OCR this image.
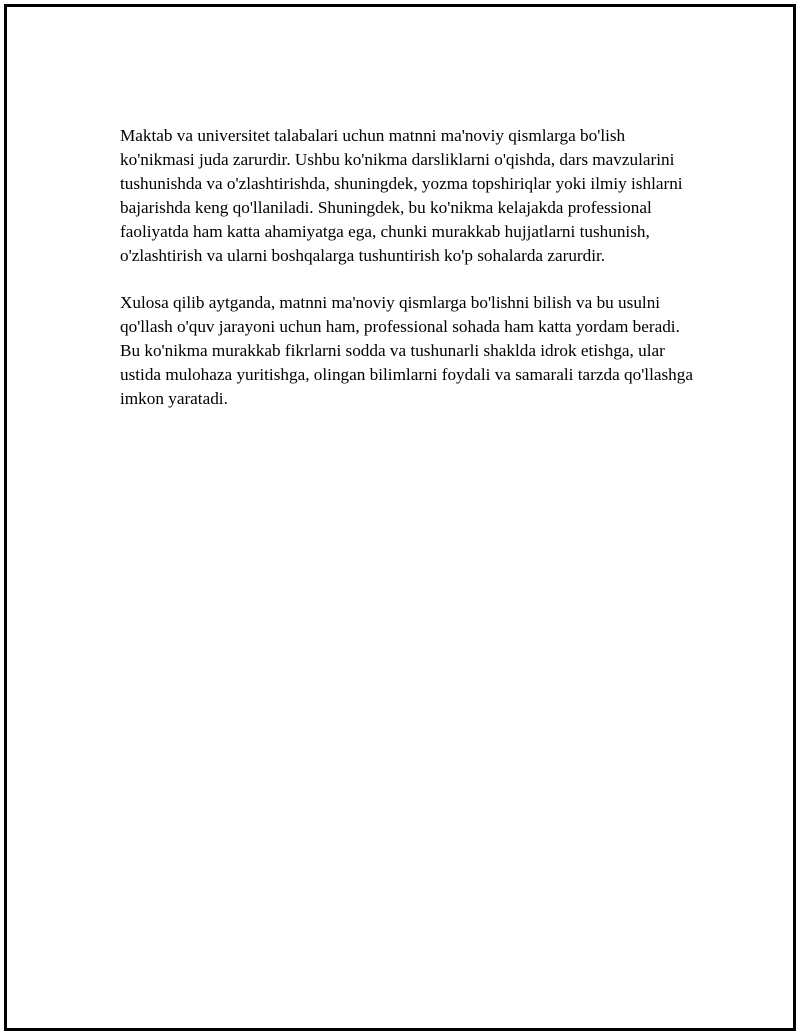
Maktab va universitet talabalari uchun matnni ma'noviy qismlarga bo'lish ko'nikmasi juda zarurdir. Ushbu ko'nikma darsliklarni o'qishda, dars mavzularini tushunishda va o'zlashtirishda, shuningdek, yozma topshiriqlar yoki ilmiy ishlarni bajarishda keng qo'llaniladi. Shuningdek, bu ko'nikma kelajakda professional faoliyatda ham katta ahamiyatga ega, chunki murakkab hujjatlarni tushunish, o'zlashtirish va ularni boshqalarga tushuntirish ko'p sohalarda zarurdir.

Xulosa qilib aytganda, matnni ma'noviy qismlarga bo'lishni bilish va bu usulni qo'llash o'quv jarayoni uchun ham, professional sohada ham katta yordam beradi. Bu ko'nikma murakkab fikrlarni sodda va tushunarli shaklda idrok etishga, ular ustida mulohaza yuritishga, olingan bilimlarni foydali va samarali tarzda qo'llashga imkon yaratadi.
